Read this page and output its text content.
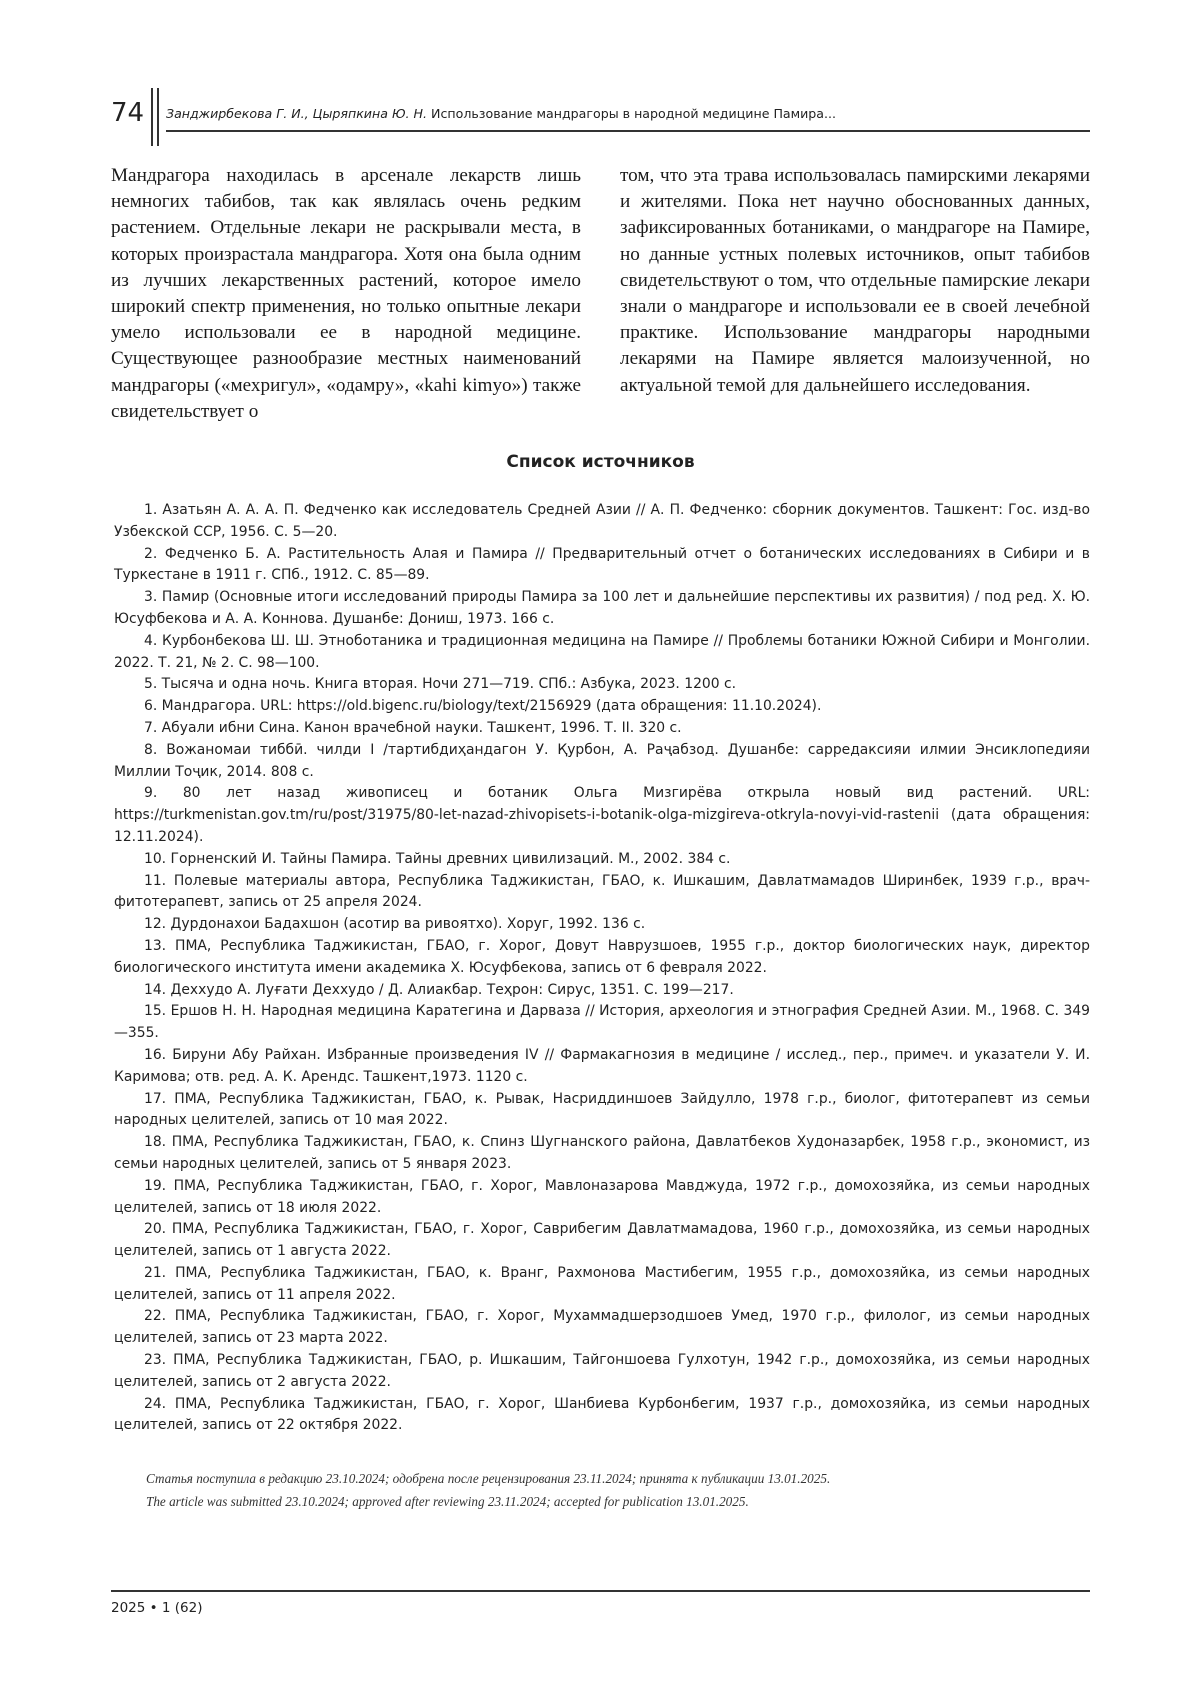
74 Занджирбекова Г. И., Цыряпкина Ю. Н. Использование мандрагоры в народной медицине Памира...
Мандрагора находилась в арсенале лекарств лишь немногих табибов, так как являлась очень редким растением. Отдельные лекари не раскрывали места, в которых произрастала мандрагора. Хотя она была одним из лучших лекарственных растений, которое имело широкий спектр применения, но только опытные лекари умело использовали ее в народной медицине. Существующее разнообразие местных наименований мандрагоры («мехригул», «одамру», «kahi kimyo») также свидетельствует о
том, что эта трава использовалась памирскими лекарями и жителями. Пока нет научно обоснованных данных, зафиксированных ботаниками, о мандрагоре на Памире, но данные устных полевых источников, опыт табибов свидетельствуют о том, что отдельные памирские лекари знали о мандрагоре и использовали ее в своей лечебной практике. Использование мандрагоры народными лекарями на Памире является малоизученной, но актуальной темой для дальнейшего исследования.
Список источников
1. Азатьян А. А. А. П. Федченко как исследователь Средней Азии // А. П. Федченко: сборник документов. Ташкент: Гос. изд-во Узбекской ССР, 1956. С. 5—20.
2. Федченко Б. А. Растительность Алая и Памира // Предварительный отчет о ботанических исследованиях в Сибири и в Туркестане в 1911 г. СПб., 1912. С. 85—89.
3. Памир (Основные итоги исследований природы Памира за 100 лет и дальнейшие перспективы их развития) / под ред. Х. Ю. Юсуфбекова и А. А. Коннова. Душанбе: Дониш, 1973. 166 с.
4. Курбонбекова Ш. Ш. Этноботаника и традиционная медицина на Памире // Проблемы ботаники Южной Сибири и Монголии. 2022. Т. 21, № 2. С. 98—100.
5. Тысяча и одна ночь. Книга вторая. Ночи 271—719. СПб.: Азбука, 2023. 1200 с.
6. Мандрагора. URL: https://old.bigenc.ru/biology/text/2156929 (дата обращения: 11.10.2024).
7. Абуали ибни Сина. Канон врачебной науки. Ташкент, 1996. Т. II. 320 с.
8. Вожаномаи тиббӣ. чилди I /тартибдиҳандагон У. Қурбон, А. Раҷабзод. Душанбе: сарредаксияи илмии Энсиклопедияи Миллии Тоҷик, 2014. 808 с.
9. 80 лет назад живописец и ботаник Ольга Мизгирёва открыла новый вид растений. URL: https://turkmenistan.gov.tm/ru/post/31975/80-let-nazad-zhivopisets-i-botanik-olga-mizgireva-otkryla-novyi-vid-rastenii (дата обращения: 12.11.2024).
10. Горненский И. Тайны Памира. Тайны древних цивилизаций. М., 2002. 384 с.
11. Полевые материалы автора, Республика Таджикистан, ГБАО, к. Ишкашим, Давлатмамадов Ширинбек, 1939 г.р., врач-фитотерапевт, запись от 25 апреля 2024.
12. Дурдонахои Бадахшон (асотир ва ривоятхо). Хоруг, 1992. 136 с.
13. ПМА, Республика Таджикистан, ГБАО, г. Хорог, Довут Наврузшоев, 1955 г.р., доктор биологических наук, директор биологического института имени академика Х. Юсуфбекова, запись от 6 февраля 2022.
14. Деххудо А. Луғати Деххудо / Д. Алиакбар. Теҳрон: Сирус, 1351. С. 199—217.
15. Ершов Н. Н. Народная медицина Каратегина и Дарваза // История, археология и этнография Средней Азии. М., 1968. С. 349—355.
16. Бируни Абу Райхан. Избранные произведения IV // Фармакагнозия в медицине / исслед., пер., примеч. и указатели У. И. Каримова; отв. ред. А. К. Арендс. Ташкент,1973. 1120 с.
17. ПМА, Республика Таджикистан, ГБАО, к. Рывак, Насриддиншоев Зайдулло, 1978 г.р., биолог, фитотерапевт из семьи народных целителей, запись от 10 мая 2022.
18. ПМА, Республика Таджикистан, ГБАО, к. Спинз Шугнанского района, Давлатбеков Худоназарбек, 1958 г.р., экономист, из семьи народных целителей, запись от 5 января 2023.
19. ПМА, Республика Таджикистан, ГБАО, г. Хорог, Мавлоназарова Мавджуда, 1972 г.р., домохозяйка, из семьи народных целителей, запись от 18 июля 2022.
20. ПМА, Республика Таджикистан, ГБАО, г. Хорог, Саврибегим Давлатмамадова, 1960 г.р., домохозяйка, из семьи народных целителей, запись от 1 августа 2022.
21. ПМА, Республика Таджикистан, ГБАО, к. Вранг, Рахмонова Мастибегим, 1955 г.р., домохозяйка, из семьи народных целителей, запись от 11 апреля 2022.
22. ПМА, Республика Таджикистан, ГБАО, г. Хорог, Мухаммадшерзодшоев Умед, 1970 г.р., филолог, из семьи народных целителей, запись от 23 марта 2022.
23. ПМА, Республика Таджикистан, ГБАО, р. Ишкашим, Тайгоншоева Гулхотун, 1942 г.р., домохозяйка, из семьи народных целителей, запись от 2 августа 2022.
24. ПМА, Республика Таджикистан, ГБАО, г. Хорог, Шанбиева Курбонбегим, 1937 г.р., домохозяйка, из семьи народных целителей, запись от 22 октября 2022.
Статья поступила в редакцию 23.10.2024; одобрена после рецензирования 23.11.2024; принята к публикации 13.01.2025.
The article was submitted 23.10.2024; approved after reviewing 23.11.2024; accepted for publication 13.01.2025.
2025 • 1 (62)
